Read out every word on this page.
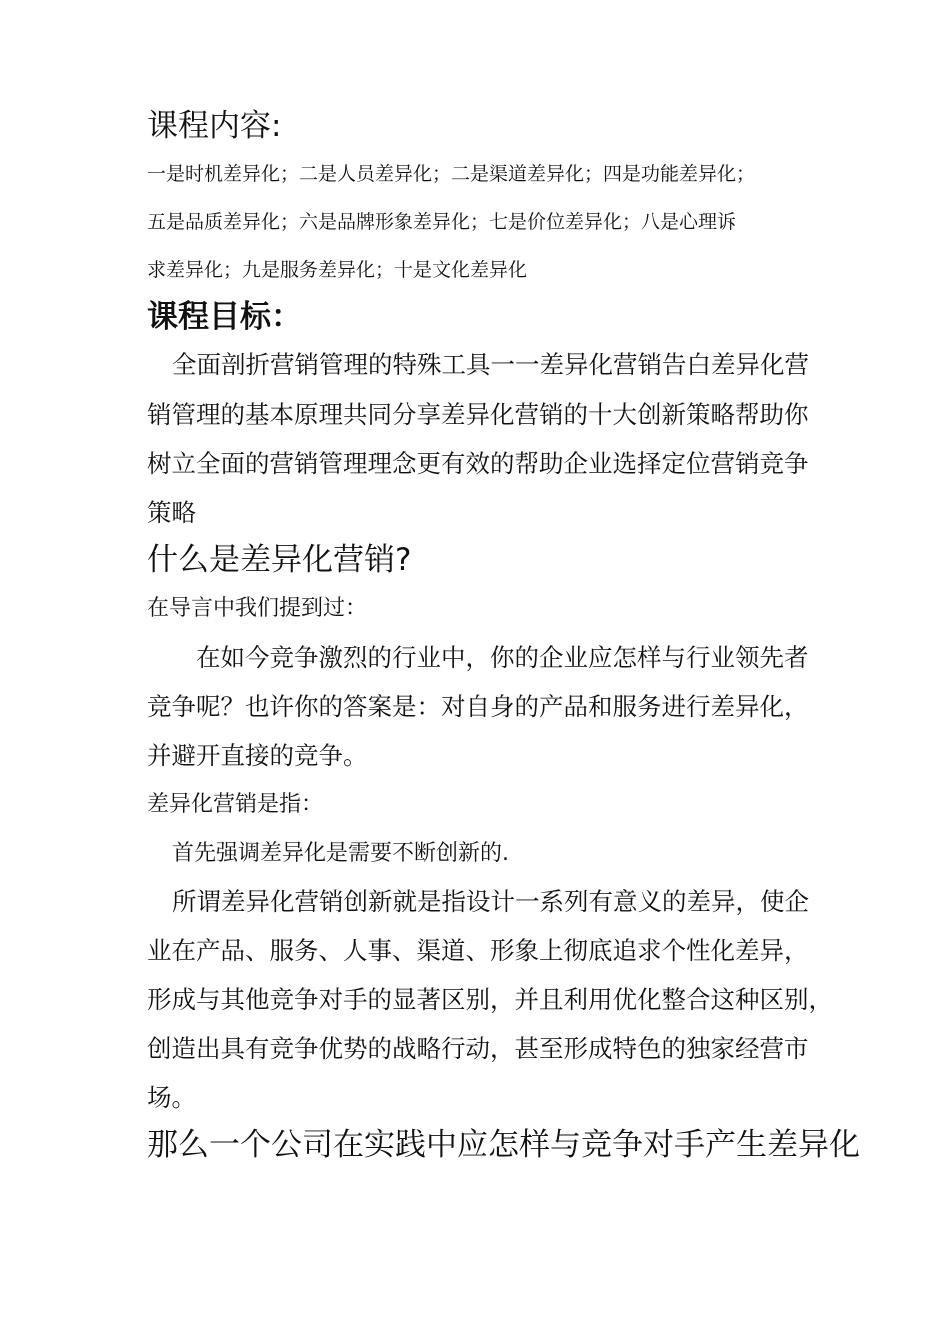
课程内容:

一是时机差异化；二是人员差异化；二是渠道差异化；四是功能差异化；

五是品质差异化；六是品牌形象差异化；七是价位差异化；八是心理诉

求差异化；九是服务差异化；十是文化差异化

课程目标：

全面剖折营销管理的特殊工具一一差异化营销告白差异化营

销管理的基本原理共同分享差异化营销的十大创新策略帮助你

树立全面的营销管理理念更有效的帮助企业选择定位营销竞争

策略

什么是差异化营销?

在导言中我们提到过：

在如今竞争激烈的行业中，你的企业应怎样与行业领先者

竞争呢？也许你的答案是：对自身的产品和服务进行差异化，

并避开直接的竞争。

差异化营销是指：

首先强调差异化是需要不断创新的.

所谓差异化营销创新就是指设计一系列有意义的差异，使企

业在产品、服务、人事、渠道、形象上彻底追求个性化差异，

形成与其他竞争对手的显著区别，并且利用优化整合这种区别，

创造出具有竞争优势的战略行动，甚至形成特色的独家经营市

场。

那么一个公司在实践中应怎样与竞争对手产生差异化
